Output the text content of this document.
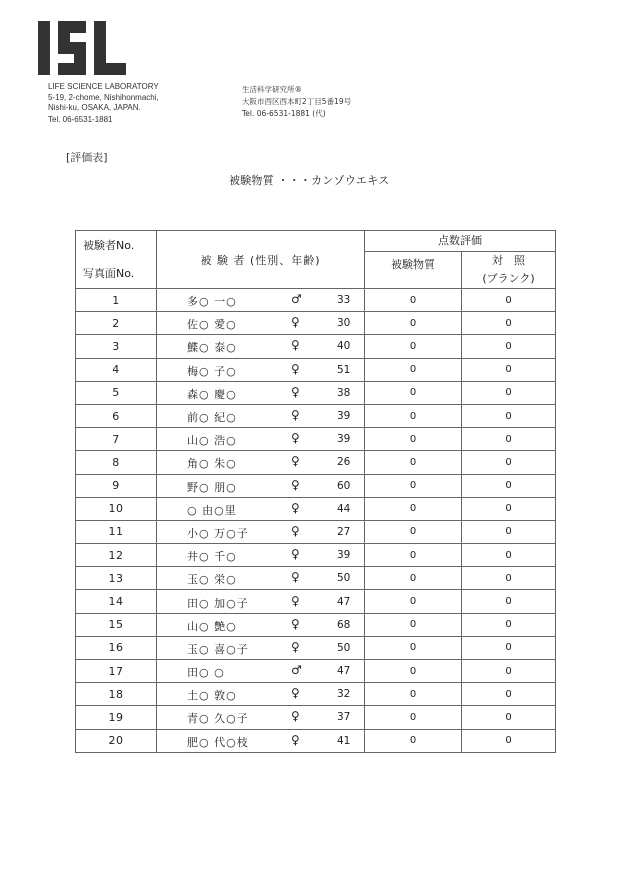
LIFE SCIENCE LABORATORY
5-19, 2-chome, Nishihonmachi,
Nishi-ku, OSAKA, JAPAN.
Tel. 06-6531-1881
生活科学研究所®
大阪市西区西本町2丁目5番19号
Tel. 06-6531-1881 (代)
[評価表]
被験物質 ・・・カンゾウエキス
被験者No.
写真面No.	被 験 者 (性別、年齢)	点数評価	
		被験物質	対　照
(ブランク)

1	多○ 一○ ♂ 33	0	0
2	佐○ 愛○ ♀ 30	0	0
3	鰈○ 泰○ ♀ 40	0	0
4	梅○ 子○ ♀ 51	0	0
5	森○ 慶○ ♀ 38	0	0
6	前○ 紀○ ♀ 39	0	0
7	山○ 浩○ ♀ 39	0	0
8	角○ 朱○ ♀ 26	0	0
9	野○ 朋○ ♀ 60	0	0
10	○ 由○里 ♀ 44	0	0
11	小○ 万○子 ♀ 27	0	0
12	井○ 千○ ♀ 39	0	0
13	玉○ 栄○ ♀ 50	0	0
14	田○ 加○子 ♀ 47	0	0
15	山○ 艶○ ♀ 68	0	0
16	玉○ 喜○子 ♀ 50	0	0
17	田○ ○ ♂ 47	0	0
18	土○ 敦○ ♀ 32	0	0
19	青○ 久○子 ♀ 37	0	0
20	肥○ 代○枝 ♀ 41	0	0
